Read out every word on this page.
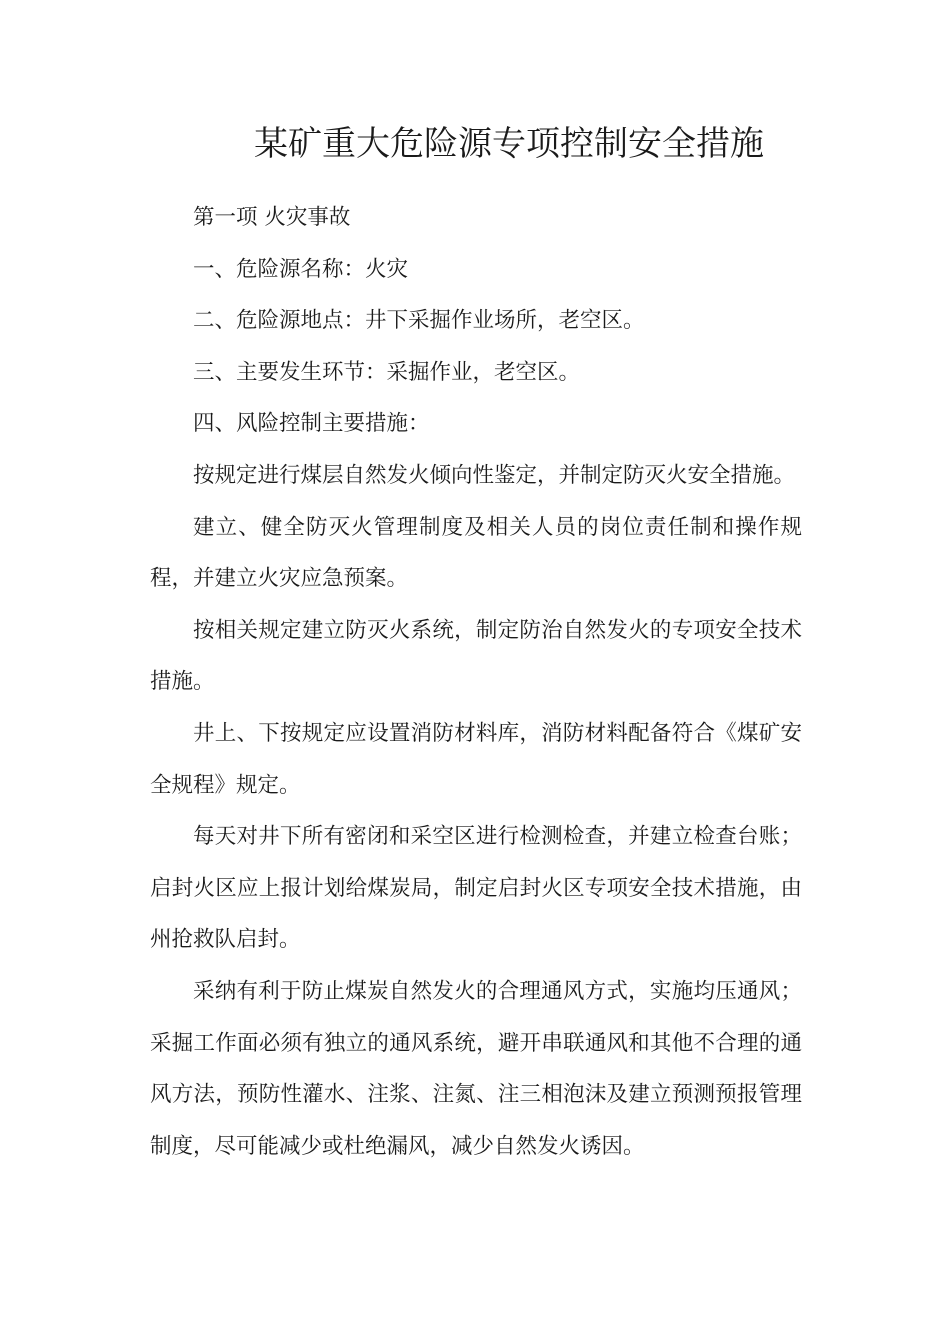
某矿重大危险源专项控制安全措施

第一项 火灾事故

一、危险源名称：火灾

二、危险源地点：井下采掘作业场所，老空区。

三、主要发生环节：采掘作业，老空区。

四、风险控制主要措施：

按规定进行煤层自然发火倾向性鉴定，并制定防灭火安全措施。

建立、健全防灭火管理制度及相关人员的岗位责任制和操作规程，并建立火灾应急预案。

按相关规定建立防灭火系统，制定防治自然发火的专项安全技术措施。

井上、下按规定应设置消防材料库，消防材料配备符合《煤矿安全规程》规定。

每天对井下所有密闭和采空区进行检测检查，并建立检查台账；启封火区应上报计划给煤炭局，制定启封火区专项安全技术措施，由州抢救队启封。

采纳有利于防止煤炭自然发火的合理通风方式，实施均压通风；采掘工作面必须有独立的通风系统，避开串联通风和其他不合理的通风方法，预防性灌水、注浆、注氮、注三相泡沫及建立预测预报管理制度，尽可能减少或杜绝漏风，减少自然发火诱因。
